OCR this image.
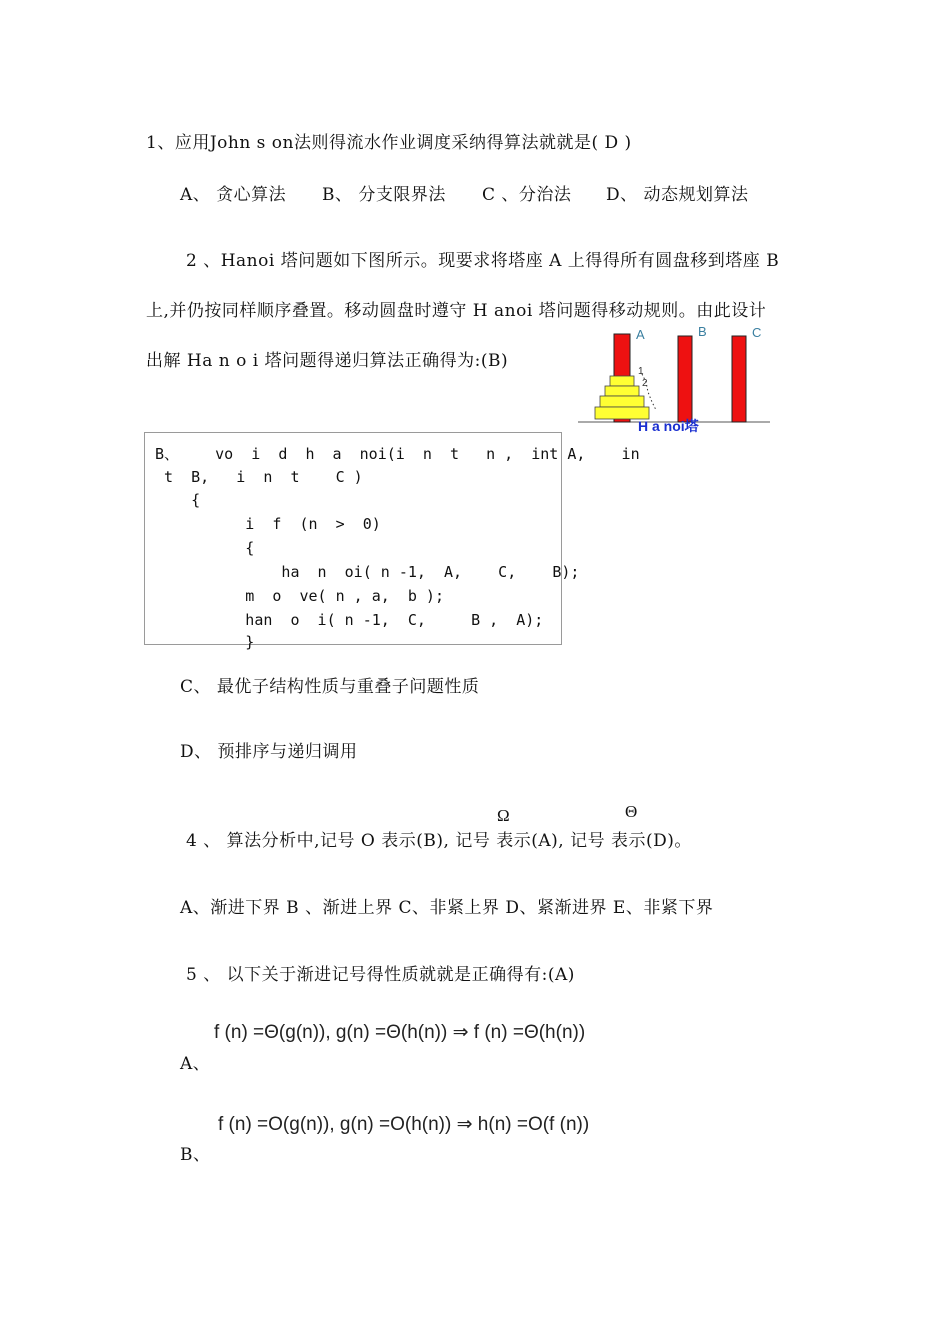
1、应用John s on法则得流水作业调度采纳得算法就就是( D )
A、 贪心算法 B、 分支限界法 C 、分治法 D、 动态规划算法
2 、Hanoi 塔问题如下图所示。现要求将塔座 A 上得得所有圆盘移到塔座 B
上,并仍按同样顺序叠置。移动圆盘时遵守 H anoi 塔问题得移动规则。由此设计
出解 Ha n o i 塔问题得递归算法正确得为:(B)
A	B	C
1
2
H a noi塔
B、    vo  i  d  h  a  noi(i  n  t   n ,  int A,    in
t  B,   i  n  t    C )
{
i  f  (n  >  0)
{
ha  n  oi( n -1,  A,    C,    B);
m  o  ve( n , a,  b );
han  o  i( n -1,  C,     B ,  A);
}
C、 最优子结构性质与重叠子问题性质
D、 预排序与递归调用
Ω	Θ
4 、 算法分析中,记号 O 表示(B), 记号 表示(A), 记号 表示(D)。
A、渐进下界 B 、渐进上界 C、非紧上界 D、紧渐进界 E、非紧下界
5 、 以下关于渐进记号得性质就就是正确得有:(A)
f (n) =Θ(g(n)), g(n) =Θ(h(n)) ⇒ f (n) =Θ(h(n))
A、
f (n) =O(g(n)), g(n) =O(h(n)) ⇒ h(n) =O(f (n))
B、
